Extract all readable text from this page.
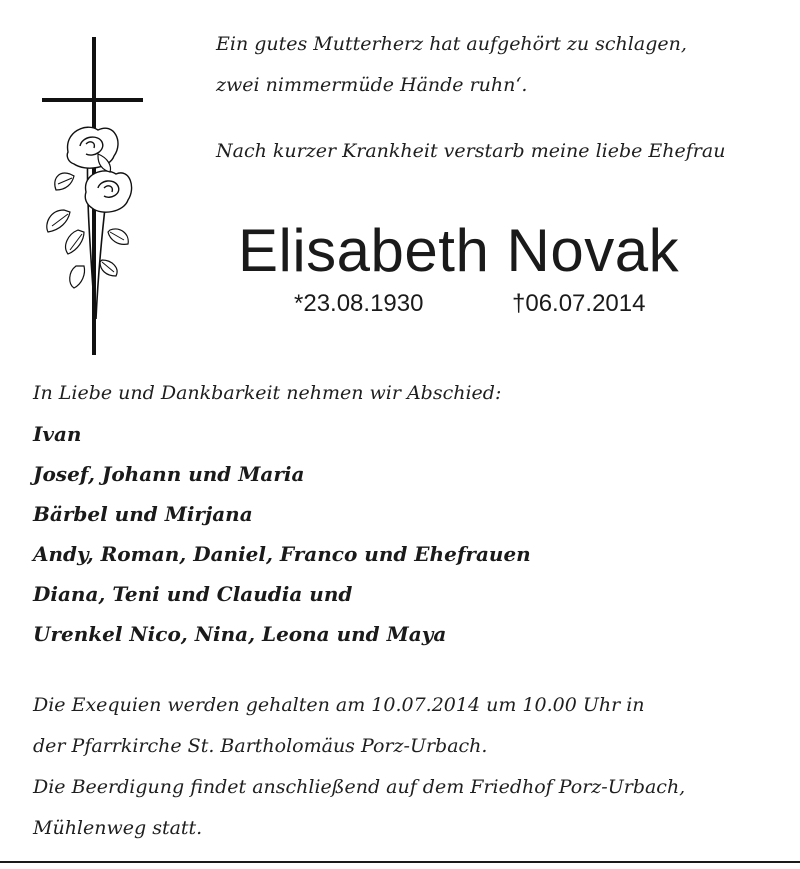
Ein gutes Mutterherz hat aufgehört zu schlagen,
zwei nimmermüde Hände ruhn‘.
Nach kurzer Krankheit verstarb meine liebe Ehefrau
Elisabeth Novak
*23.08.1930	†06.07.2014
In Liebe und Dankbarkeit nehmen wir Abschied:
Ivan
Josef, Johann und Maria
Bärbel und Mirjana
Andy, Roman, Daniel, Franco und Ehefrauen
Diana, Teni und Claudia und
Urenkel Nico, Nina, Leona und Maya
Die Exequien werden gehalten am 10.07.2014 um 10.00 Uhr in
der Pfarrkirche St. Bartholomäus Porz-Urbach.
Die Beerdigung findet anschließend auf dem Friedhof Porz-Urbach,
Mühlenweg statt.
